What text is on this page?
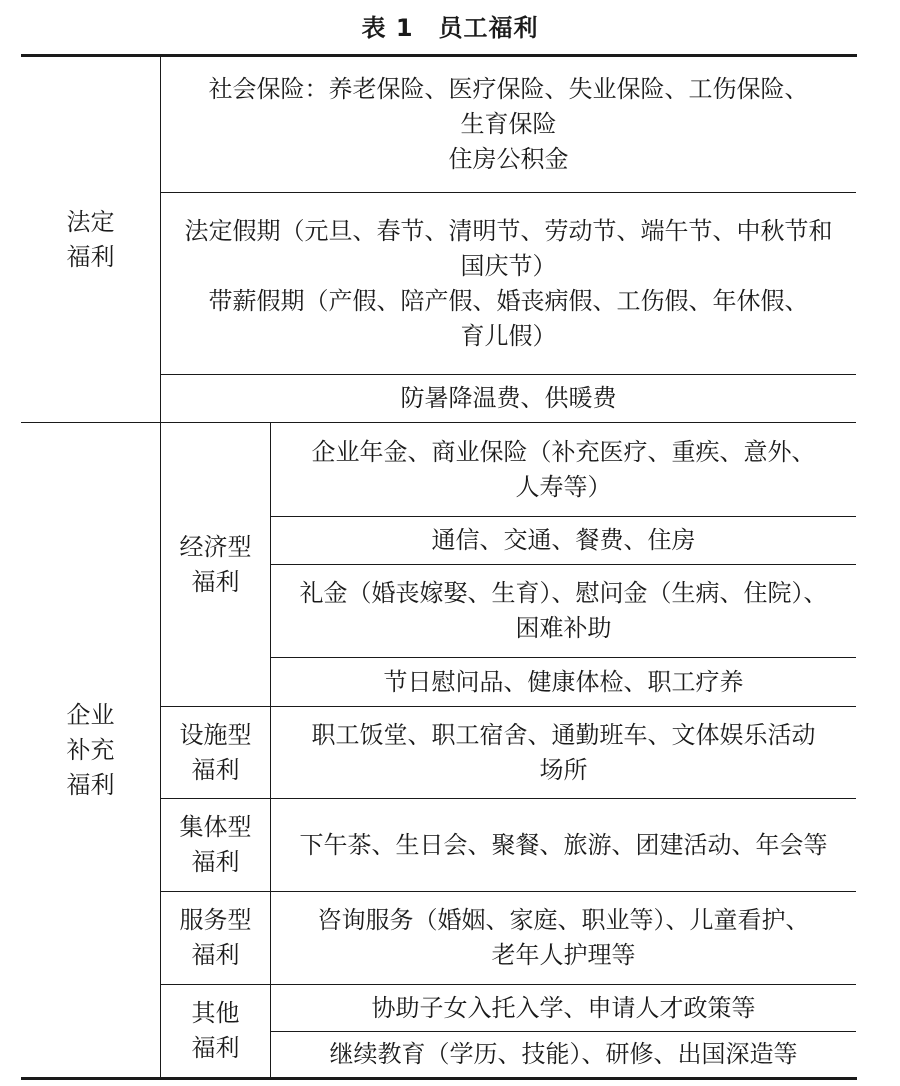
表 1　员工福利
法定
福利
社会保险：养老保险、医疗保险、失业保险、工伤保险、
生育保险
住房公积金
法定假期（元旦、春节、清明节、劳动节、端午节、中秋节和
国庆节）
带薪假期（产假、陪产假、婚丧病假、工伤假、年休假、
育儿假）
防暑降温费、供暖费
企业
补充
福利
经济型
福利
企业年金、商业保险（补充医疗、重疾、意外、
人寿等）
通信、交通、餐费、住房
礼金（婚丧嫁娶、生育）、慰问金（生病、住院）、
困难补助
节日慰问品、健康体检、职工疗养
设施型
福利
职工饭堂、职工宿舍、通勤班车、文体娱乐活动
场所
集体型
福利
下午茶、生日会、聚餐、旅游、团建活动、年会等
服务型
福利
咨询服务（婚姻、家庭、职业等）、儿童看护、
老年人护理等
其他
福利
协助子女入托入学、申请人才政策等
继续教育（学历、技能）、研修、出国深造等
